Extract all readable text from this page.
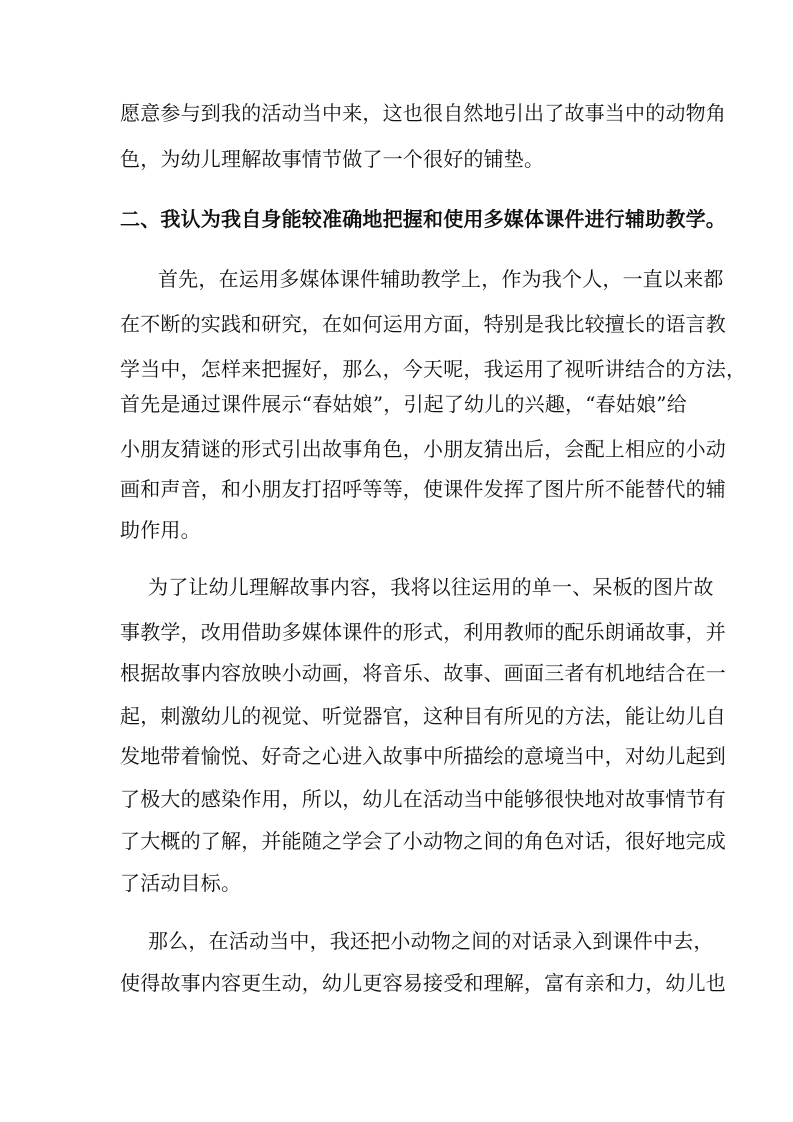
愿意参与到我的活动当中来，这也很自然地引出了故事当中的动物角
色，为幼儿理解故事情节做了一个很好的铺垫。
二、我认为我自身能较准确地把握和使用多媒体课件进行辅助教学。
首先，在运用多媒体课件辅助教学上，作为我个人，一直以来都
在不断的实践和研究，在如何运用方面，特别是我比较擅长的语言教
学当中，怎样来把握好，那么，今天呢，我运用了视听讲结合的方法，
首先是通过课件展示“春姑娘”，引起了幼儿的兴趣，“春姑娘”给
小朋友猜谜的形式引出故事角色，小朋友猜出后，会配上相应的小动
画和声音，和小朋友打招呼等等，使课件发挥了图片所不能替代的辅
助作用。
为了让幼儿理解故事内容，我将以往运用的单一、呆板的图片故
事教学，改用借助多媒体课件的形式，利用教师的配乐朗诵故事，并
根据故事内容放映小动画，将音乐、故事、画面三者有机地结合在一
起，刺激幼儿的视觉、听觉器官，这种目有所见的方法，能让幼儿自
发地带着愉悦、好奇之心进入故事中所描绘的意境当中，对幼儿起到
了极大的感染作用，所以，幼儿在活动当中能够很快地对故事情节有
了大概的了解，并能随之学会了小动物之间的角色对话，很好地完成
了活动目标。
那么，在活动当中，我还把小动物之间的对话录入到课件中去，
使得故事内容更生动，幼儿更容易接受和理解，富有亲和力，幼儿也
